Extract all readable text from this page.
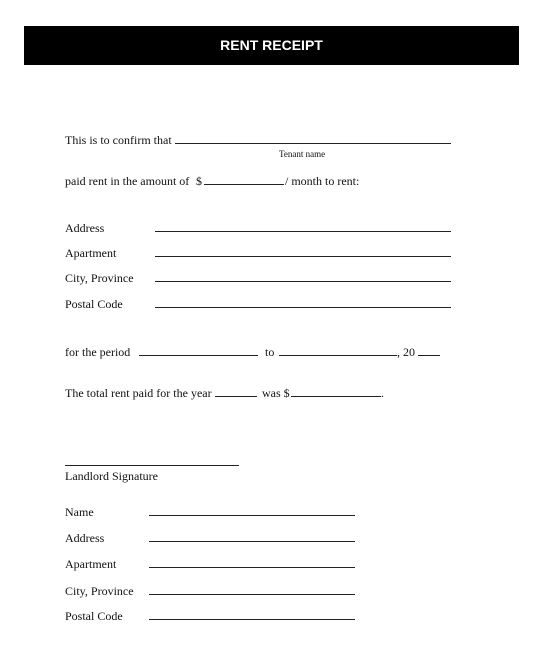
RENT RECEIPT
This is to confirm that
Tenant name
paid rent in the amount of $	/ month to rent:
Address
Apartment
City, Province
Postal Code
for the period	to	, 20
The total rent paid for the year	was $	.
Landlord Signature
Name
Address
Apartment
City, Province
Postal Code
